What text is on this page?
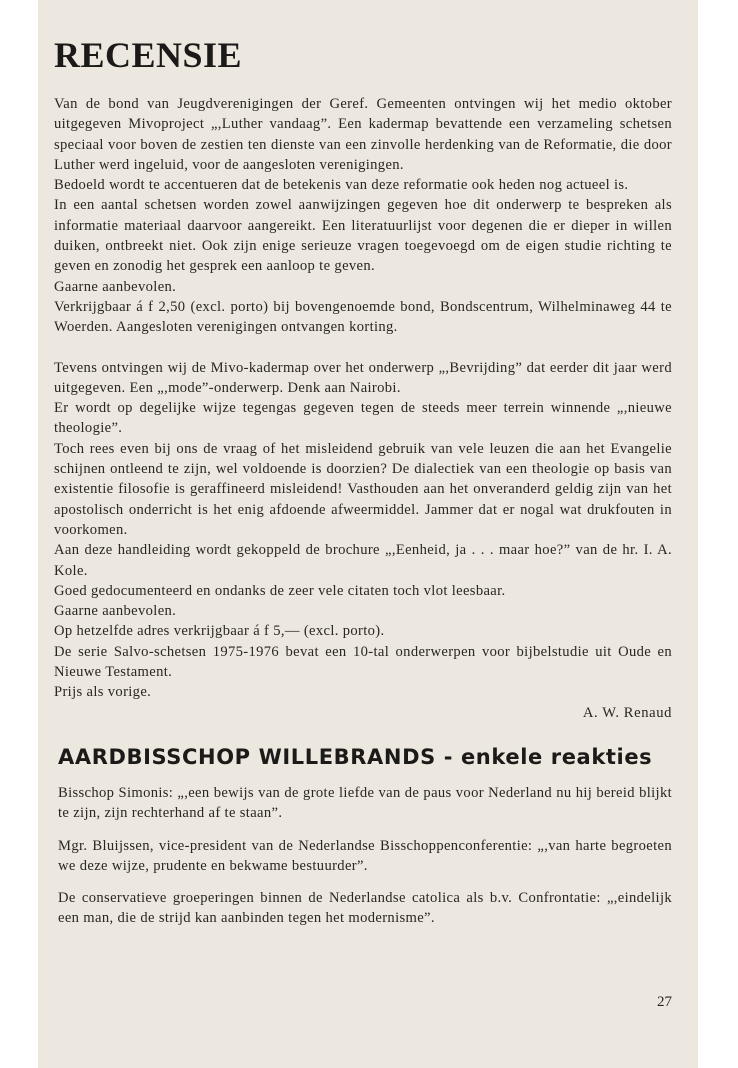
RECENSIE

Van de bond van Jeugdverenigingen der Geref. Gemeenten ontvingen wij het medio oktober uitgegeven Mivoproject „,Luther vandaag”. Een kadermap bevattende een verzameling schetsen speciaal voor boven de zestien ten dienste van een zinvolle herdenking van de Reformatie, die door Luther werd ingeluid, voor de aangesloten verenigingen.

Bedoeld wordt te accentueren dat de betekenis van deze reformatie ook heden nog actueel is.

In een aantal schetsen worden zowel aanwijzingen gegeven hoe dit onderwerp te bespreken als informatie materiaal daarvoor aangereikt. Een literatuurlijst voor degenen die er dieper in willen duiken, ontbreekt niet. Ook zijn enige serieuze vragen toegevoegd om de eigen studie richting te geven en zonodig het gesprek een aanloop te geven.

Gaarne aanbevolen.

Verkrijgbaar á f 2,50 (excl. porto) bij bovengenoemde bond, Bondscentrum, Wilhelminaweg 44 te Woerden. Aangesloten verenigingen ontvangen korting.

Tevens ontvingen wij de Mivo-kadermap over het onderwerp „,Bevrijding” dat eerder dit jaar werd uitgegeven. Een „,mode”-onderwerp. Denk aan Nairobi.

Er wordt op degelijke wijze tegengas gegeven tegen de steeds meer terrein winnende „,nieuwe theologie”.

Toch rees even bij ons de vraag of het misleidend gebruik van vele leuzen die aan het Evangelie schijnen ontleend te zijn, wel voldoende is doorzien? De dialectiek van een theologie op basis van existentie filosofie is geraffineerd misleidend! Vasthouden aan het onveranderd geldig zijn van het apostolisch onderricht is het enig afdoende afweermiddel. Jammer dat er nogal wat drukfouten in voorkomen.

Aan deze handleiding wordt gekoppeld de brochure „,Eenheid, ja . . . maar hoe?” van de hr. I. A. Kole.

Goed gedocumenteerd en ondanks de zeer vele citaten toch vlot leesbaar.

Gaarne aanbevolen.

Op hetzelfde adres verkrijgbaar á f 5,— (excl. porto).

De serie Salvo-schetsen 1975-1976 bevat een 10-tal onderwerpen voor bijbelstudie uit Oude en Nieuwe Testament.

Prijs als vorige.

A. W. Renaud
AARDBISSCHOP WILLEBRANDS - enkele reakties

Bisschop Simonis: „,een bewijs van de grote liefde van de paus voor Nederland nu hij bereid blijkt te zijn, zijn rechterhand af te staan”.

Mgr. Bluijssen, vice-president van de Nederlandse Bisschoppenconferentie: „,van harte begroeten we deze wijze, prudente en bekwame bestuurder”.

De conservatieve groeperingen binnen de Nederlandse catolica als b.v. Confrontatie: „,eindelijk een man, die de strijd kan aanbinden tegen het modernisme”.

27
